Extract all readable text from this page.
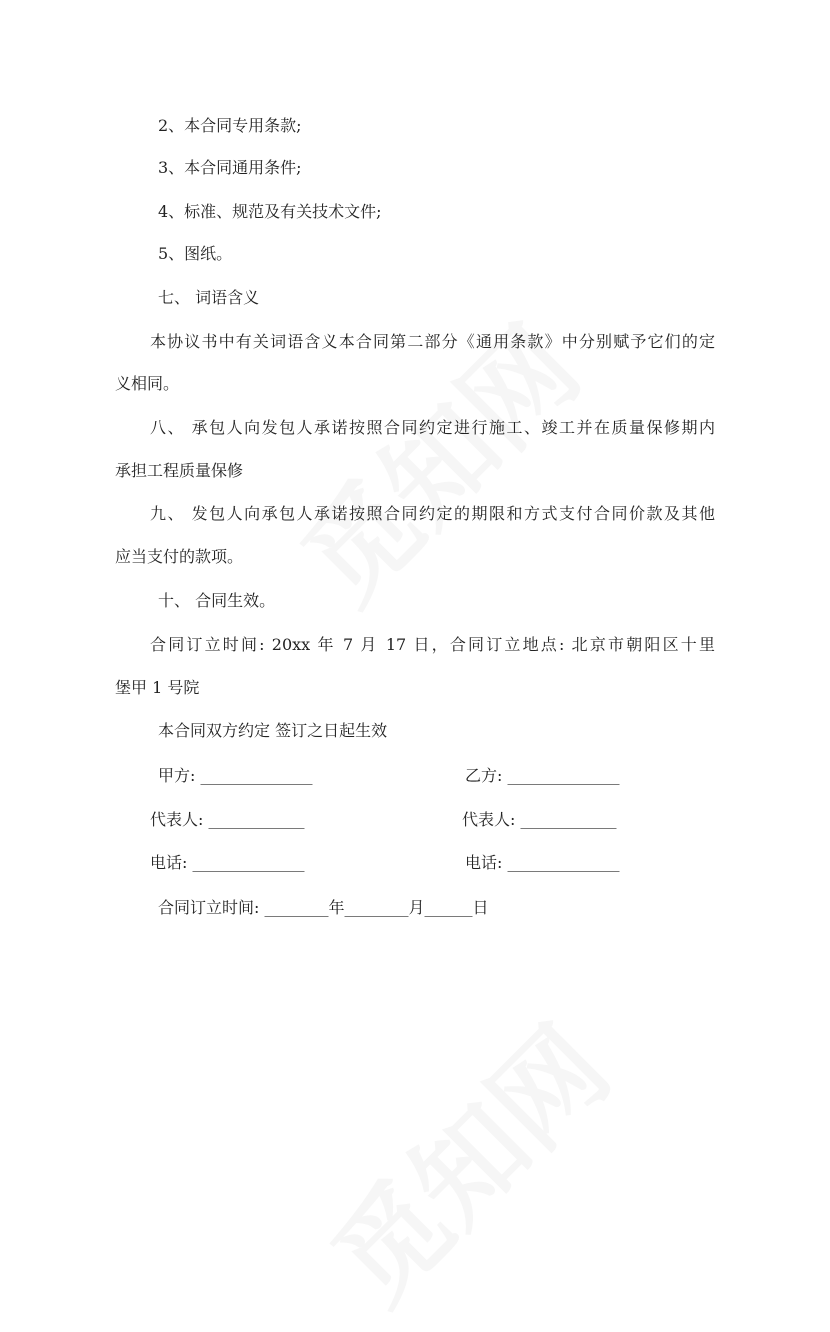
2、本合同专用条款;
3、本合同通用条件;
4、标准、规范及有关技术文件;
5、图纸。
七、 词语含义
本协议书中有关词语含义本合同第二部分《通用条款》中分别赋予它们的定
义相同。
八、 承包人向发包人承诺按照合同约定进行施工、竣工并在质量保修期内
承担工程质量保修
九、 发包人向承包人承诺按照合同约定的期限和方式支付合同价款及其他
应当支付的款项。
十、 合同生效。
合同订立时间: 20xx 年 7 月 17 日，合同订立地点: 北京市朝阳区十里
堡甲 1 号院
本合同双方约定 签订之日起生效
甲方: ______________	乙方: ______________
代表人: ____________	代表人: ____________
电话: ______________	电话: ______________
合同订立时间: ________年________月______日
